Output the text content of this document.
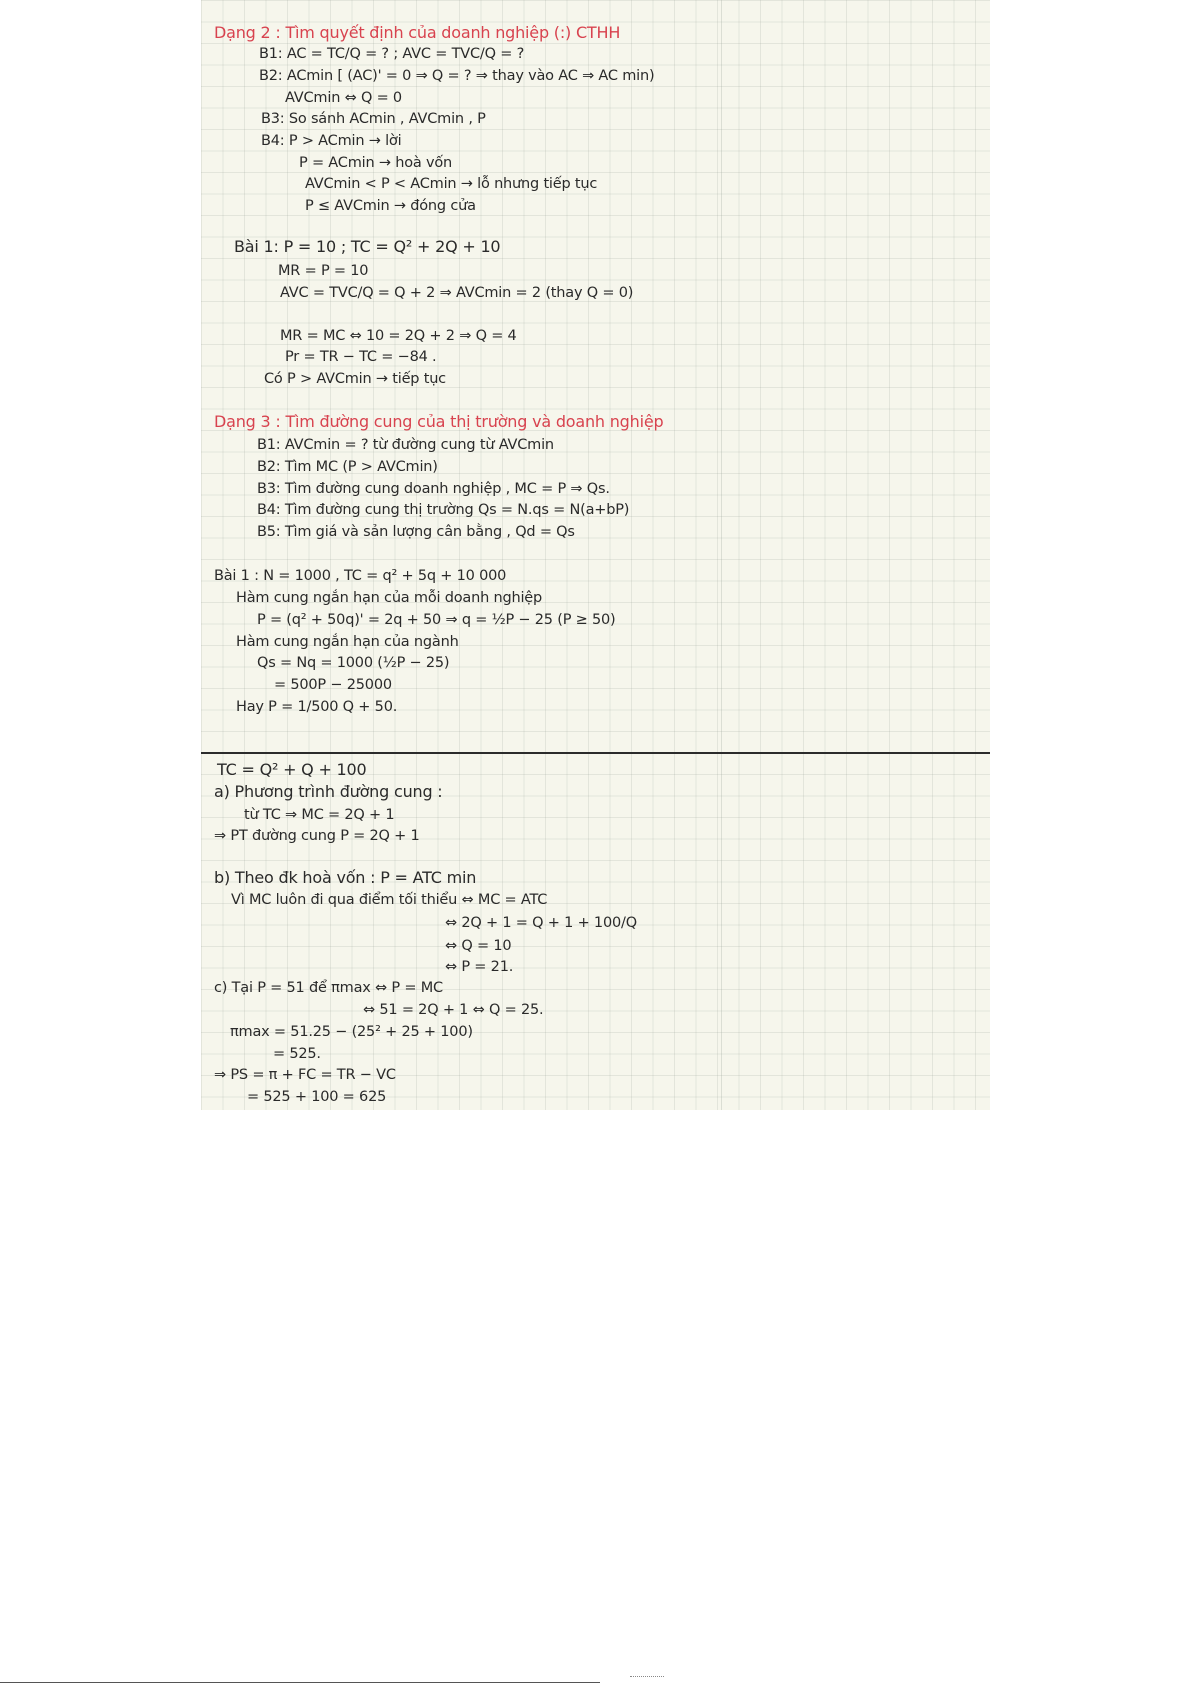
Dạng 2 : Tìm quyết định của doanh nghiệp (:) CTHH
B1: AC = TC/Q = ? ; AVC = TVC/Q = ?
B2: ACmin [ (AC)' = 0 ⇒ Q = ? ⇒ thay vào AC ⇒ AC min)
AVCmin ⇔ Q = 0
B3: So sánh ACmin , AVCmin , P
B4: P > ACmin → lời
P = ACmin → hoà vốn
AVCmin < P < ACmin → lỗ nhưng tiếp tục
P ≤ AVCmin → đóng cửa
Bài 1: P = 10 ; TC = Q² + 2Q + 10
MR = P = 10
AVC = TVC/Q = Q + 2 ⇒ AVCmin = 2 (thay Q = 0)
MR = MC ⇔ 10 = 2Q + 2 ⇒ Q = 4
Pr = TR − TC = −84 .
Có P > AVCmin → tiếp tục
Dạng 3 : Tìm đường cung của thị trường và doanh nghiệp
B1: AVCmin = ? từ đường cung từ AVCmin
B2: Tìm MC (P > AVCmin)
B3: Tìm đường cung doanh nghiệp , MC = P ⇒ Qs.
B4: Tìm đường cung thị trường Qs = N.qs = N(a+bP)
B5: Tìm giá và sản lượng cân bằng , Qd = Qs
Bài 1 : N = 1000 , TC = q² + 5q + 10 000
Hàm cung ngắn hạn của mỗi doanh nghiệp
P = (q² + 50q)' = 2q + 50 ⇒ q = ½P − 25 (P ≥ 50)
Hàm cung ngắn hạn của ngành
Qs = Nq = 1000 (½P − 25)
= 500P − 25000
Hay P = 1/500 Q + 50.
TC = Q² + Q + 100
a) Phương trình đường cung :
từ TC ⇒ MC = 2Q + 1
⇒ PT đường cung P = 2Q + 1
b) Theo đk hoà vốn : P = ATC min
Vì MC luôn đi qua điểm tối thiểu ⇔ MC = ATC
⇔ 2Q + 1 = Q + 1 + 100/Q
⇔ Q = 10
⇔ P = 21.
c) Tại P = 51 để πmax ⇔ P = MC
⇔ 51 = 2Q + 1 ⇔ Q = 25.
πmax = 51.25 − (25² + 25 + 100)
= 525.
⇒ PS = π + FC = TR − VC
= 525 + 100 = 625
